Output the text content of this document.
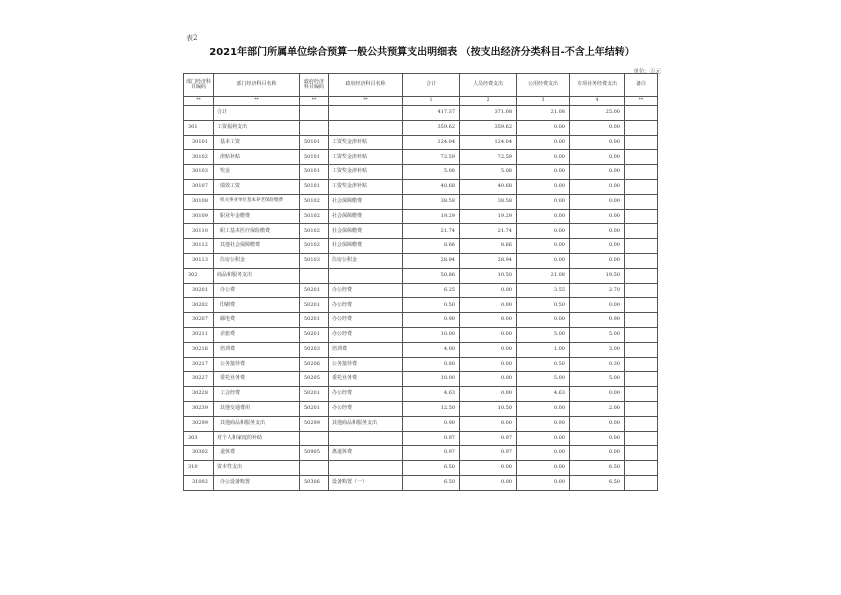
表2
2021年部门所属单位综合预算一般公共预算支出明细表 （按支出经济分类科目-不含上年结转）
单位：万元
部门经济科目编码	部门经济科目名称	政府经济科目编码	政府经济科目名称	合计	人员经费支出	公用经费支出	专项业务经费支出	备注
**	**	**	**	1	2	3	4	**
	合计			417.37	371.08	21.08	25.00	
301	工资福利支出			359.62	359.62	0.00	0.00	
30101	基本工资	50101	工资奖金津补贴	124.04	124.04	0.00	0.00	
30102	津贴补贴	50101	工资奖金津补贴	72.59	72.59	0.00	0.00	
30103	奖金	50101	工资奖金津补贴	5.08	5.08	0.00	0.00	
30107	绩效工资	50101	工资奖金津补贴	40.68	40.68	0.00	0.00	
30108	机关事业单位基本养老保险缴费	50102	社会保障缴费	38.58	38.58	0.00	0.00	
30109	职业年金缴费	50102	社会保障缴费	19.29	19.29	0.00	0.00	
30110	职工基本医疗保险缴费	50102	社会保障缴费	21.74	21.74	0.00	0.00	
30112	其他社会保障缴费	50102	社会保障缴费	8.66	8.66	0.00	0.00	
30113	住房公积金	50103	住房公积金	28.94	28.94	0.00	0.00	
302	商品和服务支出			50.86	10.50	21.08	19.50	
30201	办公费	50201	办公经费	6.25	0.00	3.55	2.70	
30202	印刷费	50201	办公经费	0.50	0.00	0.50	0.00	
30207	邮电费	50201	办公经费	0.90	0.00	0.00	0.90	
30211	差旅费	50201	办公经费	10.00	0.00	5.00	5.00	
30216	培训费	50203	培训费	4.00	0.00	1.00	3.00	
30217	公务接待费	50206	公务接待费	0.80	0.00	0.50	0.30	
30227	委托业务费	50205	委托业务费	10.00	0.00	5.00	5.00	
30228	工会经费	50201	办公经费	4.63	0.00	4.63	0.00	
30239	其他交通费用	50201	办公经费	12.50	10.50	0.00	2.00	
30299	其他商品和服务支出	50299	其他商品和服务支出	0.90	0.00	0.90	0.00	
303	对个人和家庭的补助			0.97	0.97	0.00	0.00	
30302	退休费	50905	离退休费	0.97	0.97	0.00	0.00	
310	资本性支出			6.50	0.00	0.00	6.50	
31002	办公设备购置	50306	设备购置（一）	6.50	0.00	0.00	6.50	
